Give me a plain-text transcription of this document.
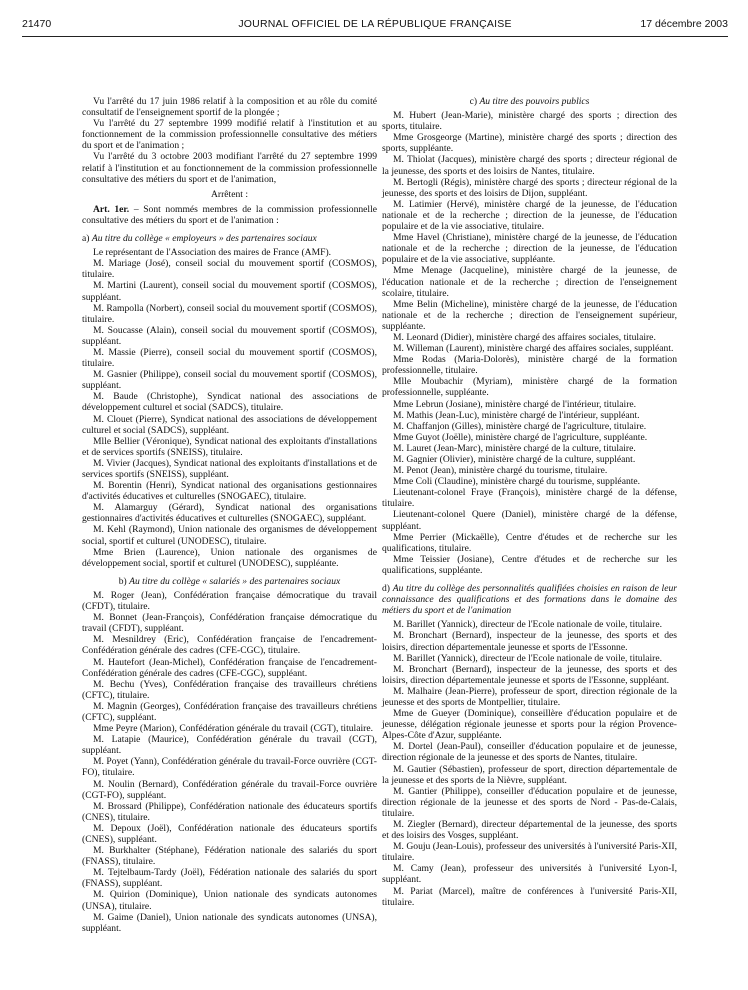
21470	JOURNAL OFFICIEL DE LA RÉPUBLIQUE FRANÇAISE	17 décembre 2003

Vu l'arrêté du 17 juin 1986 relatif à la composition et au rôle du comité consultatif de l'enseignement sportif de la plongée ;

Vu l'arrêté du 27 septembre 1999 modifié relatif à l'institution et au fonctionnement de la commission professionnelle consultative des métiers du sport et de l'animation ;

Vu l'arrêté du 3 octobre 2003 modifiant l'arrêté du 27 septembre 1999 relatif à l'institution et au fonctionnement de la commission professionnelle consultative des métiers du sport et de l'animation,

Arrêtent :

Art. 1er. – Sont nommés membres de la commission professionnelle consultative des métiers du sport et de l'animation :

a) Au titre du collège « employeurs » des partenaires sociaux

Le représentant de l'Association des maires de France (AMF).

M. Mariage (José), conseil social du mouvement sportif (COSMOS), titulaire.

M. Martini (Laurent), conseil social du mouvement sportif (COSMOS), suppléant.

M. Rampolla (Norbert), conseil social du mouvement sportif (COSMOS), titulaire.

M. Soucasse (Alain), conseil social du mouvement sportif (COSMOS), suppléant.

M. Massie (Pierre), conseil social du mouvement sportif (COSMOS), titulaire.

M. Gasnier (Philippe), conseil social du mouvement sportif (COSMOS), suppléant.

M. Baude (Christophe), Syndicat national des associations de développement culturel et social (SADCS), titulaire.

M. Clouet (Pierre), Syndicat national des associations de développement culturel et social (SADCS), suppléant.

Mlle Bellier (Véronique), Syndicat national des exploitants d'installations et de services sportifs (SNEISS), titulaire.

M. Vivier (Jacques), Syndicat national des exploitants d'installations et de services sportifs (SNEISS), suppléant.

M. Borentin (Henri), Syndicat national des organisations gestionnaires d'activités éducatives et culturelles (SNOGAEC), titulaire.

M. Alamarguy (Gérard), Syndicat national des organisations gestionnaires d'activités éducatives et culturelles (SNOGAEC), suppléant.

M. Kehl (Raymond), Union nationale des organismes de développement social, sportif et culturel (UNODESC), titulaire.

Mme Brien (Laurence), Union nationale des organismes de développement social, sportif et culturel (UNODESC), suppléante.

b) Au titre du collège « salariés » des partenaires sociaux

M. Roger (Jean), Confédération française démocratique du travail (CFDT), titulaire.

M. Bonnet (Jean-François), Confédération française démocratique du travail (CFDT), suppléant.

M. Mesnildrey (Eric), Confédération française de l'encadrement-Confédération générale des cadres (CFE-CGC), titulaire.

M. Hautefort (Jean-Michel), Confédération française de l'encadrement-Confédération générale des cadres (CFE-CGC), suppléant.

M. Bechu (Yves), Confédération française des travailleurs chrétiens (CFTC), titulaire.

M. Magnin (Georges), Confédération française des travailleurs chrétiens (CFTC), suppléant.

Mme Peyre (Marion), Confédération générale du travail (CGT), titulaire.

M. Latapie (Maurice), Confédération générale du travail (CGT), suppléant.

M. Poyet (Yann), Confédération générale du travail-Force ouvrière (CGT-FO), titulaire.

M. Noulin (Bernard), Confédération générale du travail-Force ouvrière (CGT-FO), suppléant.

M. Brossard (Philippe), Confédération nationale des éducateurs sportifs (CNES), titulaire.

M. Depoux (Joël), Confédération nationale des éducateurs sportifs (CNES), suppléant.

M. Burkhalter (Stéphane), Fédération nationale des salariés du sport (FNASS), titulaire.

M. Tejtelbaum-Tardy (Joël), Fédération nationale des salariés du sport (FNASS), suppléant.

M. Quirion (Dominique), Union nationale des syndicats autonomes (UNSA), titulaire.

M. Gaime (Daniel), Union nationale des syndicats autonomes (UNSA), suppléant.

c) Au titre des pouvoirs publics

M. Hubert (Jean-Marie), ministère chargé des sports ; direction des sports, titulaire.

Mme Grosgeorge (Martine), ministère chargé des sports ; direction des sports, suppléante.

M. Thiolat (Jacques), ministère chargé des sports ; directeur régional de la jeunesse, des sports et des loisirs de Nantes, titulaire.

M. Bertogli (Régis), ministère chargé des sports ; directeur régional de la jeunesse, des sports et des loisirs de Dijon, suppléant.

M. Latimier (Hervé), ministère chargé de la jeunesse, de l'éducation nationale et de la recherche ; direction de la jeunesse, de l'éducation populaire et de la vie associative, titulaire.

Mme Havel (Christiane), ministère chargé de la jeunesse, de l'éducation nationale et de la recherche ; direction de la jeunesse, de l'éducation populaire et de la vie associative, suppléante.

Mme Menage (Jacqueline), ministère chargé de la jeunesse, de l'éducation nationale et de la recherche ; direction de l'enseignement scolaire, titulaire.

Mme Belin (Micheline), ministère chargé de la jeunesse, de l'éducation nationale et de la recherche ; direction de l'enseignement supérieur, suppléante.

M. Leonard (Didier), ministère chargé des affaires sociales, titulaire.

M. Willeman (Laurent), ministère chargé des affaires sociales, suppléant.

Mme Rodas (Maria-Dolorès), ministère chargé de la formation professionnelle, titulaire.

Mlle Moubachir (Myriam), ministère chargé de la formation professionnelle, suppléante.

Mme Lebrun (Josiane), ministère chargé de l'intérieur, titulaire.

M. Mathis (Jean-Luc), ministère chargé de l'intérieur, suppléant.

M. Chaffanjon (Gilles), ministère chargé de l'agriculture, titulaire.

Mme Guyot (Joëlle), ministère chargé de l'agriculture, suppléante.

M. Lauret (Jean-Marc), ministère chargé de la culture, titulaire.

M. Gagnier (Olivier), ministère chargé de la culture, suppléant.

M. Penot (Jean), ministère chargé du tourisme, titulaire.

Mme Coli (Claudine), ministère chargé du tourisme, suppléante.

Lieutenant-colonel Fraye (François), ministère chargé de la défense, titulaire.

Lieutenant-colonel Quere (Daniel), ministère chargé de la défense, suppléant.

Mme Perrier (Mickaëlle), Centre d'études et de recherche sur les qualifications, titulaire.

Mme Teissier (Josiane), Centre d'études et de recherche sur les qualifications, suppléante.

d) Au titre du collège des personnalités qualifiées choisies en raison de leur connaissance des qualifications et des formations dans le domaine des métiers du sport et de l'animation

M. Barillet (Yannick), directeur de l'Ecole nationale de voile, titulaire.

M. Bronchart (Bernard), inspecteur de la jeunesse, des sports et des loisirs, direction départementale jeunesse et sports de l'Essonne.

M. Barillet (Yannick), directeur de l'Ecole nationale de voile, titulaire.

M. Bronchart (Bernard), inspecteur de la jeunesse, des sports et des loisirs, direction départementale jeunesse et sports de l'Essonne, suppléant.

M. Malhaire (Jean-Pierre), professeur de sport, direction régionale de la jeunesse et des sports de Montpellier, titulaire.

Mme de Gueyer (Dominique), conseillère d'éducation populaire et de jeunesse, délégation régionale jeunesse et sports pour la région Provence-Alpes-Côte d'Azur, suppléante.

M. Dortel (Jean-Paul), conseiller d'éducation populaire et de jeunesse, direction régionale de la jeunesse et des sports de Nantes, titulaire.

M. Gautier (Sébastien), professeur de sport, direction départementale de la jeunesse et des sports de la Nièvre, suppléant.

M. Gantier (Philippe), conseiller d'éducation populaire et de jeunesse, direction régionale de la jeunesse et des sports de Nord - Pas-de-Calais, titulaire.

M. Ziegler (Bernard), directeur départemental de la jeunesse, des sports et des loisirs des Vosges, suppléant.

M. Gouju (Jean-Louis), professeur des universités à l'université Paris-XII, titulaire.

M. Camy (Jean), professeur des universités à l'université Lyon-I, suppléant.

M. Pariat (Marcel), maître de conférences à l'université Paris-XII, titulaire.
